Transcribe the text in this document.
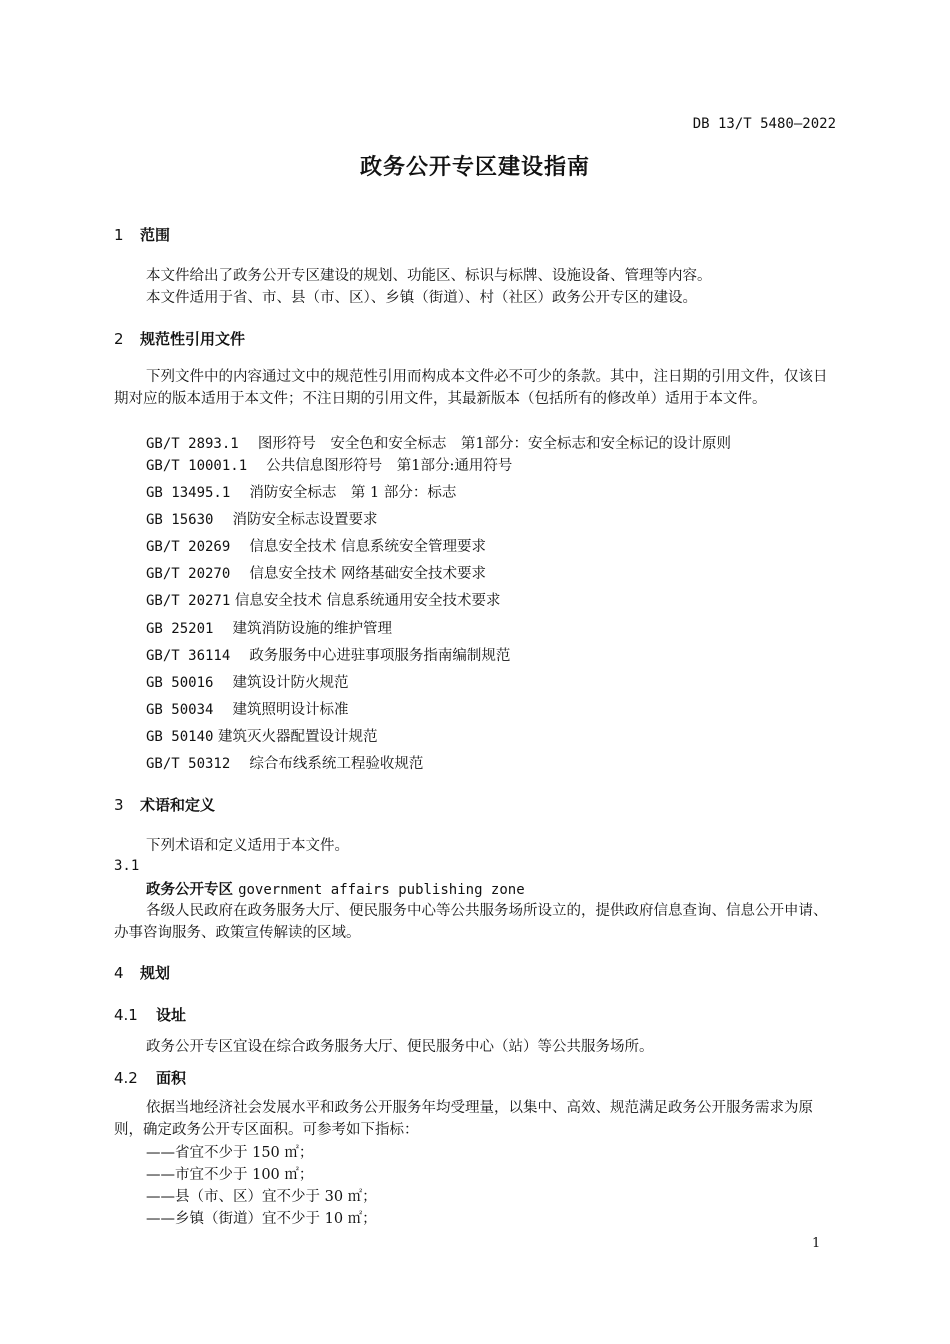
DB 13/T 5480—2022
政务公开专区建设指南
1 范围
本文件给出了政务公开专区建设的规划、功能区、标识与标牌、设施设备、管理等内容。
本文件适用于省、市、县（市、区）、乡镇（街道）、村（社区）政务公开专区的建设。
2 规范性引用文件
下列文件中的内容通过文中的规范性引用而构成本文件必不可少的条款。其中，注日期的引用文件，仅该日期对应的版本适用于本文件；不注日期的引用文件，其最新版本（包括所有的修改单）适用于本文件。
GB/T 2893.1　 图形符号　安全色和安全标志　第1部分：安全标志和安全标记的设计原则
GB/T 10001.1　 公共信息图形符号　第1部分:通用符号
GB 13495.1　 消防安全标志　第 1 部分：标志
GB 15630　 消防安全标志设置要求
GB/T 20269　 信息安全技术 信息系统安全管理要求
GB/T 20270　 信息安全技术 网络基础安全技术要求
GB/T 20271 信息安全技术 信息系统通用安全技术要求
GB 25201　 建筑消防设施的维护管理
GB/T 36114　 政务服务中心进驻事项服务指南编制规范
GB 50016　 建筑设计防火规范
GB 50034　 建筑照明设计标准
GB 50140 建筑灭火器配置设计规范
GB/T 50312　 综合布线系统工程验收规范
3 术语和定义
下列术语和定义适用于本文件。
3.1
政务公开专区 government affairs publishing zone
各级人民政府在政务服务大厅、便民服务中心等公共服务场所设立的，提供政府信息查询、信息公开申请、办事咨询服务、政策宣传解读的区域。
4 规划
4.1 设址
政务公开专区宜设在综合政务服务大厅、便民服务中心（站）等公共服务场所。
4.2 面积
依据当地经济社会发展水平和政务公开服务年均受理量，以集中、高效、规范满足政务公开服务需求为原则，确定政务公开专区面积。可参考如下指标：
——省宜不少于 150 ㎡；
——市宜不少于 100 ㎡；
——县（市、区）宜不少于 30 ㎡；
——乡镇（街道）宜不少于 10 ㎡；
1
